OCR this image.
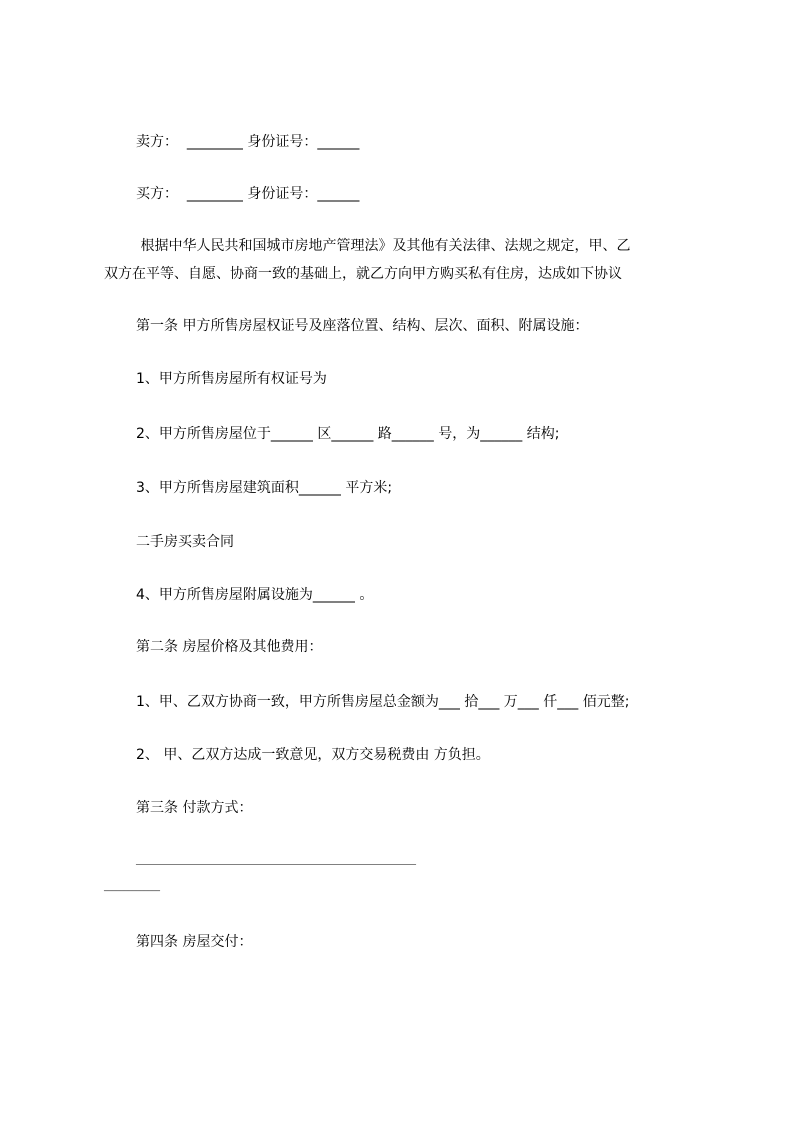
卖方：  ________ 身份证号：______
买方：  ________ 身份证号：______
根据中华人民共和国城市房地产管理法》及其他有关法律、法规之规定，甲、乙
双方在平等、自愿、协商一致的基础上，就乙方向甲方购买私有住房，达成如下协议
第一条 甲方所售房屋权证号及座落位置、结构、层次、面积、附属设施：
1、甲方所售房屋所有权证号为
2、甲方所售房屋位于______ 区______ 路______ 号，为______ 结构;
3、甲方所售房屋建筑面积______ 平方米;
二手房买卖合同
4、甲方所售房屋附属设施为______ 。
第二条 房屋价格及其他费用：
1、甲、乙双方协商一致，甲方所售房屋总金额为___ 拾___ 万___ 仟___ 佰元整;
2、 甲、乙双方达成一致意见，双方交易税费由 方负担。
第三条 付款方式：
________________________________________________________________________________
______________
第四条 房屋交付：
